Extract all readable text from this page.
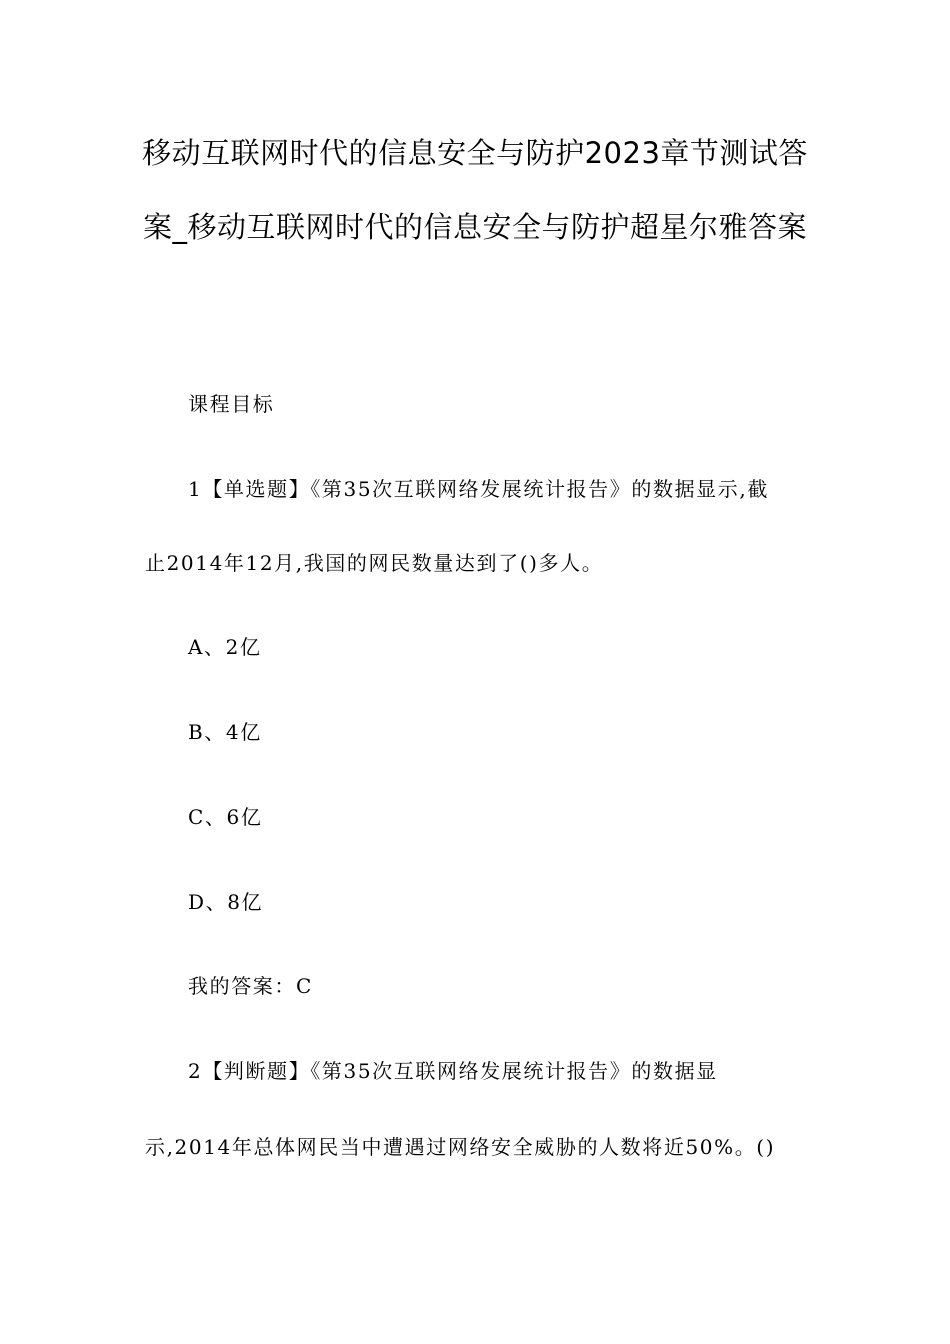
移动互联网时代的信息安全与防护2023章节测试答
案_移动互联网时代的信息安全与防护超星尔雅答案
课程目标
1【单选题】《第35次互联网络发展统计报告》的数据显示,截
止2014年12月,我国的网民数量达到了()多人。
A、2亿
B、4亿
C、6亿
D、8亿
我的答案：C
2【判断题】《第35次互联网络发展统计报告》的数据显
示,2014年总体网民当中遭遇过网络安全威胁的人数将近50%。()
